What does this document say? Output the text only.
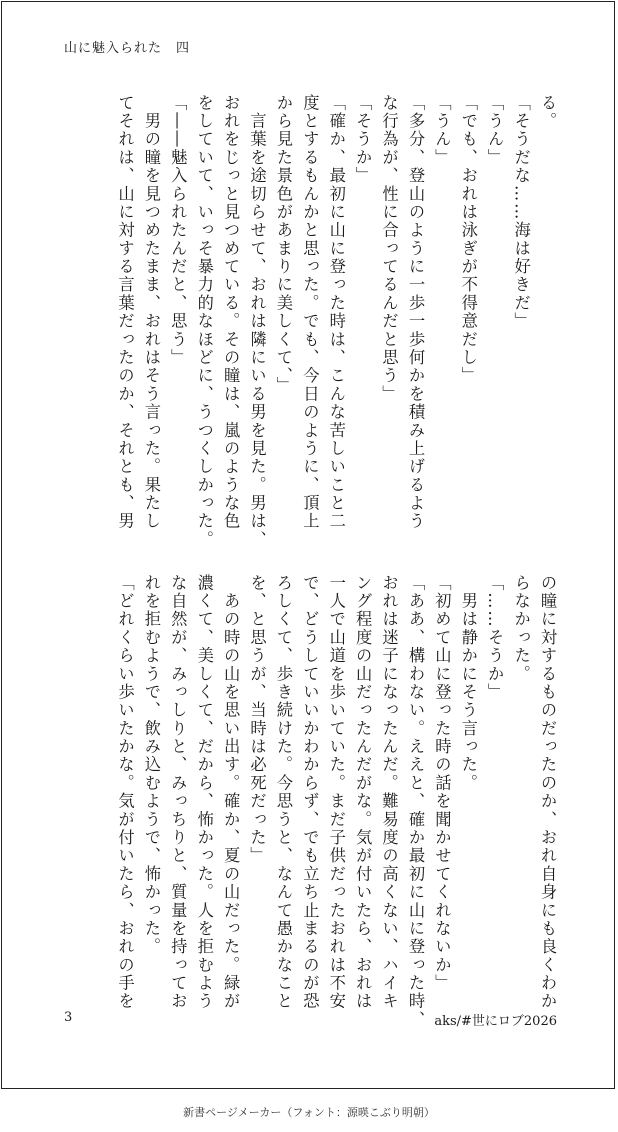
山に魅入られた　四

る。

「そうだな……海は好きだ」

「うん」

「でも、おれは泳ぎが不得意だし」

「うん」

「多分、登山のように一歩一歩何かを積み上げるよう

な行為が、性に合ってるんだと思う」

「そうか」

「確か、最初に山に登った時は、こんな苦しいこと二

度とするもんかと思った。でも、今日のように、頂上

から見た景色があまりに美しくて、」

　言葉を途切らせて、おれは隣にいる男を見た。男は、

おれをじっと見つめている。その瞳は、嵐のような色

をしていて、いっそ暴力的なほどに、うつくしかった。

「――魅入られたんだと、思う」

　男の瞳を見つめたまま、おれはそう言った。果たし

てそれは、山に対する言葉だったのか、それとも、男

の瞳に対するものだったのか、おれ自身にも良くわか

らなかった。

「……そうか」

　男は静かにそう言った。

「初めて山に登った時の話を聞かせてくれないか」

「ああ、構わない。ええと、確か最初に山に登った時、

おれは迷子になったんだ。難易度の高くない、ハイキ

ング程度の山だったんだがな。気が付いたら、おれは

一人で山道を歩いていた。まだ子供だったおれは不安

で、どうしていいかわからず、でも立ち止まるのが恐

ろしくて、歩き続けた。今思うと、なんて愚かなこと

を、と思うが、当時は必死だった」

　あの時の山を思い出す。確か、夏の山だった。緑が

濃くて、美しくて、だから、怖かった。人を拒むよう

な自然が、みっしりと、みっちりと、質量を持ってお

れを拒むようで、飲み込むようで、怖かった。

「どれくらい歩いたかな。気が付いたら、おれの手を

3	aks/#世にロブ2026
新書ページメーカー（フォント：源暎こぶり明朝）
